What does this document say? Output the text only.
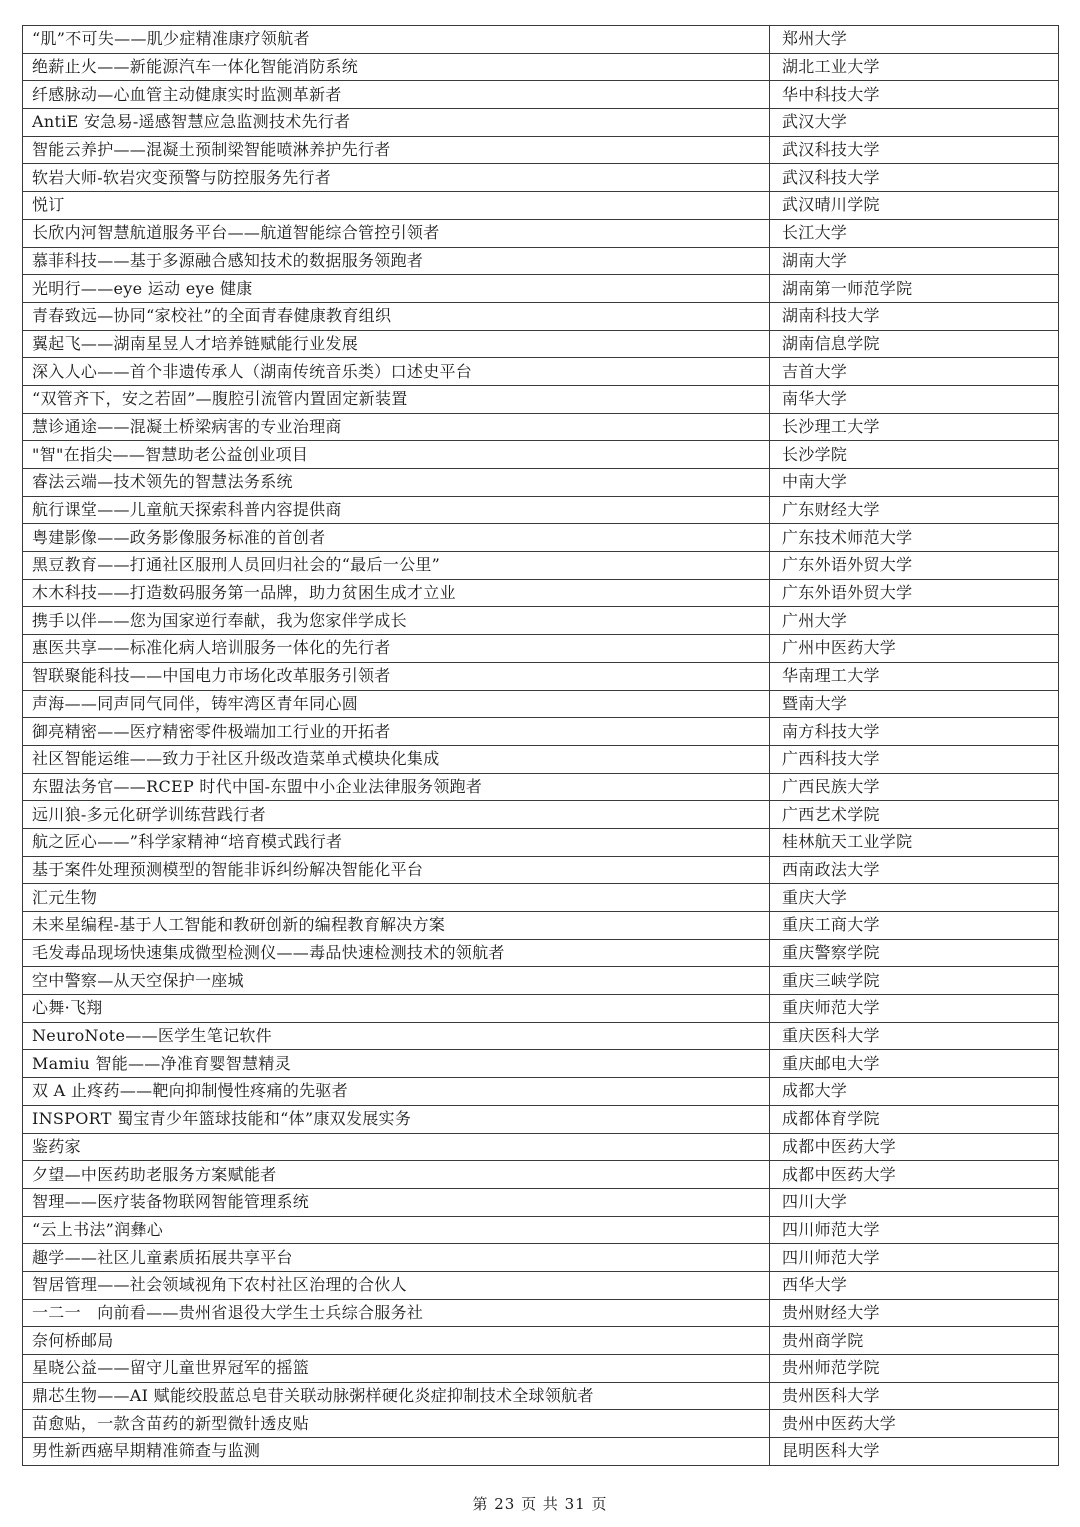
“肌”不可失——肌少症精准康疗领航者	郑州大学
绝薪止火——新能源汽车一体化智能消防系统	湖北工业大学
纤感脉动—心血管主动健康实时监测革新者	华中科技大学
AntiE 安急易-遥感智慧应急监测技术先行者	武汉大学
智能云养护——混凝土预制梁智能喷淋养护先行者	武汉科技大学
软岩大师-软岩灾变预警与防控服务先行者	武汉科技大学
悦订	武汉晴川学院
长欣内河智慧航道服务平台——航道智能综合管控引领者	长江大学
慕菲科技——基于多源融合感知技术的数据服务领跑者	湖南大学
光明行——eye 运动 eye 健康	湖南第一师范学院
青春致远—协同“家校社”的全面青春健康教育组织	湖南科技大学
翼起飞——湖南星昱人才培养链赋能行业发展	湖南信息学院
深入人心——首个非遗传承人（湖南传统音乐类）口述史平台	吉首大学
“双管齐下，安之若固”—腹腔引流管内置固定新装置	南华大学
慧诊通途——混凝土桥梁病害的专业治理商	长沙理工大学
"智"在指尖——智慧助老公益创业项目	长沙学院
睿法云端—技术领先的智慧法务系统	中南大学
航行课堂——儿童航天探索科普内容提供商	广东财经大学
粤建影像——政务影像服务标准的首创者	广东技术师范大学
黑豆教育——打通社区服刑人员回归社会的“最后一公里”	广东外语外贸大学
木木科技——打造数码服务第一品牌，助力贫困生成才立业	广东外语外贸大学
携手以伴——您为国家逆行奉献，我为您家伴学成长	广州大学
惠医共享——标准化病人培训服务一体化的先行者	广州中医药大学
智联聚能科技——中国电力市场化改革服务引领者	华南理工大学
声海——同声同气同伴，铸牢湾区青年同心圆	暨南大学
御亮精密——医疗精密零件极端加工行业的开拓者	南方科技大学
社区智能运维——致力于社区升级改造菜单式模块化集成	广西科技大学
东盟法务官——RCEP 时代中国-东盟中小企业法律服务领跑者	广西民族大学
远川狼-多元化研学训练营践行者	广西艺术学院
航之匠心——”科学家精神“培育模式践行者	桂林航天工业学院
基于案件处理预测模型的智能非诉纠纷解决智能化平台	西南政法大学
汇元生物	重庆大学
未来星编程-基于人工智能和教研创新的编程教育解决方案	重庆工商大学
毛发毒品现场快速集成微型检测仪——毒品快速检测技术的领航者	重庆警察学院
空中警察—从天空保护一座城	重庆三峡学院
心舞·飞翔	重庆师范大学
NeuroNote——医学生笔记软件	重庆医科大学
Mamiu 智能——净准育婴智慧精灵	重庆邮电大学
双 A 止疼药——靶向抑制慢性疼痛的先驱者	成都大学
INSPORT 蜀宝青少年篮球技能和“体”康双发展实务	成都体育学院
鉴药家	成都中医药大学
夕望—中医药助老服务方案赋能者	成都中医药大学
智理——医疗装备物联网智能管理系统	四川大学
“云上书法”润彝心	四川师范大学
趣学——社区儿童素质拓展共享平台	四川师范大学
智居管理——社会领域视角下农村社区治理的合伙人	西华大学
一二一　向前看——贵州省退役大学生士兵综合服务社	贵州财经大学
奈何桥邮局	贵州商学院
星晓公益——留守儿童世界冠军的摇篮	贵州师范学院
鼎芯生物——AI 赋能绞股蓝总皂苷关联动脉粥样硬化炎症抑制技术全球领航者	贵州医科大学
苗愈贴，一款含苗药的新型微针透皮贴	贵州中医药大学
男性新西癌早期精准筛查与监测	昆明医科大学
第 23 页 共 31 页
